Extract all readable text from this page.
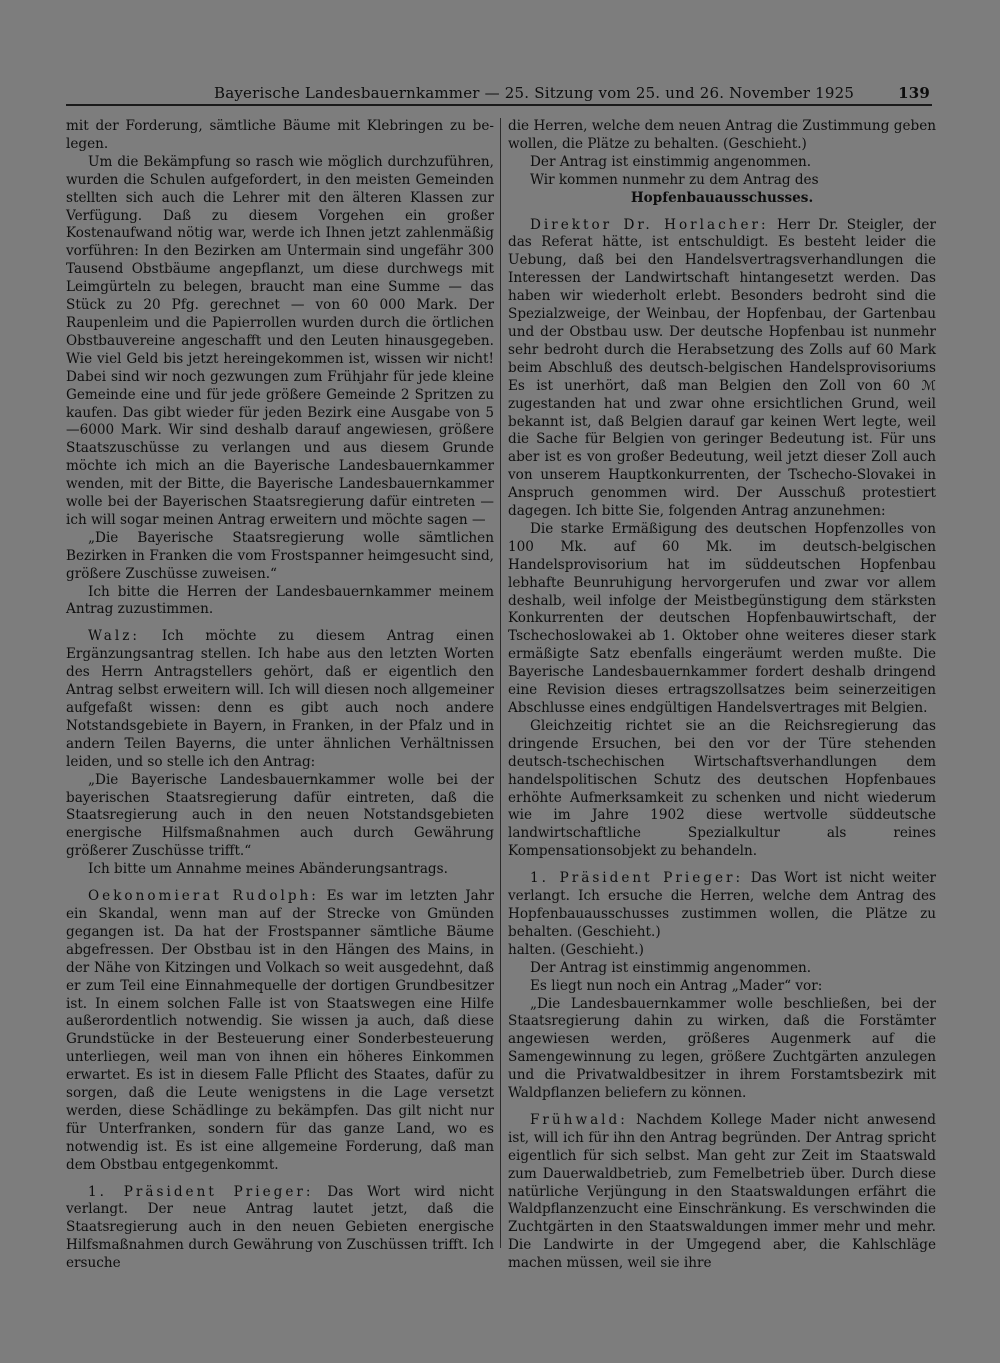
Bayerische Landesbauernkammer — 25. Sitzung vom 25. und 26. November 1925	139

mit der Forderung, sämtliche Bäume mit Klebringen zu be-legen.

Um die Bekämpfung so rasch wie möglich durchzuführen, wurden die Schulen aufgefordert, in den meisten Gemeinden stellten sich auch die Lehrer mit den älteren Klassen zur Verfügung. Daß zu diesem Vorgehen ein großer Kostenaufwand nötig war, werde ich Ihnen jetzt zahlenmäßig vorführen: In den Bezirken am Untermain sind ungefähr 300 Tausend Obstbäume angepflanzt, um diese durchwegs mit Leimgürteln zu belegen, braucht man eine Summe — das Stück zu 20 Pfg. gerechnet — von 60 000 Mark. Der Raupenleim und die Papierrollen wurden durch die örtlichen Obstbauvereine angeschafft und den Leuten hinausgegeben. Wie viel Geld bis jetzt hereingekommen ist, wissen wir nicht! Dabei sind wir noch gezwungen zum Frühjahr für jede kleine Gemeinde eine und für jede größere Gemeinde 2 Spritzen zu kaufen. Das gibt wieder für jeden Bezirk eine Ausgabe von 5—6000 Mark. Wir sind deshalb darauf angewiesen, größere Staatszuschüsse zu verlangen und aus diesem Grunde möchte ich mich an die Bayerische Landesbauernkammer wenden, mit der Bitte, die Bayerische Landesbauernkammer wolle bei der Bayerischen Staatsregierung dafür eintreten — ich will sogar meinen Antrag erweitern und möchte sagen —

„Die Bayerische Staatsregierung wolle sämtlichen Bezirken in Franken die vom Frostspanner heimgesucht sind, größere Zuschüsse zuweisen.“

Ich bitte die Herren der Landesbauernkammer meinem Antrag zuzustimmen.

Walz: Ich möchte zu diesem Antrag einen Ergänzungsantrag stellen. Ich habe aus den letzten Worten des Herrn Antragstellers gehört, daß er eigentlich den Antrag selbst erweitern will. Ich will diesen noch allgemeiner aufgefaßt wissen: denn es gibt auch noch andere Notstandsgebiete in Bayern, in Franken, in der Pfalz und in andern Teilen Bayerns, die unter ähnlichen Verhältnissen leiden, und so stelle ich den Antrag:

„Die Bayerische Landesbauernkammer wolle bei der bayerischen Staatsregierung dafür eintreten, daß die Staatsregierung auch in den neuen Notstandsgebieten energische Hilfsmaßnahmen auch durch Gewährung größerer Zuschüsse trifft.“

Ich bitte um Annahme meines Abänderungsantrags.

Oekonomierat Rudolph: Es war im letzten Jahr ein Skandal, wenn man auf der Strecke von Gmünden gegangen ist. Da hat der Frostspanner sämtliche Bäume abgefressen. Der Obstbau ist in den Hängen des Mains, in der Nähe von Kitzingen und Volkach so weit ausgedehnt, daß er zum Teil eine Einnahmequelle der dortigen Grundbesitzer ist. In einem solchen Falle ist von Staatswegen eine Hilfe außerordentlich notwendig. Sie wissen ja auch, daß diese Grundstücke in der Besteuerung einer Sonderbesteuerung unterliegen, weil man von ihnen ein höheres Einkommen erwartet. Es ist in diesem Falle Pflicht des Staates, dafür zu sorgen, daß die Leute wenigstens in die Lage versetzt werden, diese Schädlinge zu bekämpfen. Das gilt nicht nur für Unterfranken, sondern für das ganze Land, wo es notwendig ist. Es ist eine allgemeine Forderung, daß man dem Obstbau entgegenkommt.

1. Präsident Prieger: Das Wort wird nicht verlangt. Der neue Antrag lautet jetzt, daß die Staatsregierung auch in den neuen Gebieten energische Hilfsmaßnahmen durch Gewährung von Zuschüssen trifft. Ich ersuche

die Herren, welche dem neuen Antrag die Zustimmung geben wollen, die Plätze zu behalten. (Geschieht.)

Der Antrag ist einstimmig angenommen.

Wir kommen nunmehr zu dem Antrag des

Hopfenbauausschusses.

Direktor Dr. Horlacher: Herr Dr. Steigler, der das Referat hätte, ist entschuldigt. Es besteht leider die Uebung, daß bei den Handelsvertragsverhandlungen die Interessen der Landwirtschaft hintangesetzt werden. Das haben wir wiederholt erlebt. Besonders bedroht sind die Spezialzweige, der Weinbau, der Hopfenbau, der Gartenbau und der Obstbau usw. Der deutsche Hopfenbau ist nunmehr sehr bedroht durch die Herabsetzung des Zolls auf 60 Mark beim Abschluß des deutsch-belgischen Handelsprovisoriums Es ist unerhört, daß man Belgien den Zoll von 60 ℳ zugestanden hat und zwar ohne ersichtlichen Grund, weil bekannt ist, daß Belgien darauf gar keinen Wert legte, weil die Sache für Belgien von geringer Bedeutung ist. Für uns aber ist es von großer Bedeutung, weil jetzt dieser Zoll auch von unserem Hauptkonkurrenten, der Tschecho-Slovakei in Anspruch genommen wird. Der Ausschuß protestiert dagegen. Ich bitte Sie, folgenden Antrag anzunehmen:

Die starke Ermäßigung des deutschen Hopfenzolles von 100 Mk. auf 60 Mk. im deutsch-belgischen Handelsprovisorium hat im süddeutschen Hopfenbau lebhafte Beunruhigung hervorgerufen und zwar vor allem deshalb, weil infolge der Meistbegünstigung dem stärksten Konkurrenten der deutschen Hopfenbauwirtschaft, der Tschechoslowakei ab 1. Oktober ohne weiteres dieser stark ermäßigte Satz ebenfalls eingeräumt werden mußte. Die Bayerische Landesbauernkammer fordert deshalb dringend eine Revision dieses ertragszollsatzes beim seinerzeitigen Abschlusse eines endgültigen Handelsvertrages mit Belgien.

Gleichzeitig richtet sie an die Reichsregierung das dringende Ersuchen, bei den vor der Türe stehenden deutsch-tschechischen Wirtschaftsverhandlungen dem handelspolitischen Schutz des deutschen Hopfenbaues erhöhte Aufmerksamkeit zu schenken und nicht wiederum wie im Jahre 1902 diese wertvolle süddeutsche landwirtschaftliche Spezialkultur als reines Kompensationsobjekt zu behandeln.

1. Präsident Prieger: Das Wort ist nicht weiter verlangt. Ich ersuche die Herren, welche dem Antrag des Hopfenbauausschusses zustimmen wollen, die Plätze zu behalten. (Geschieht.)

halten. (Geschieht.)

Der Antrag ist einstimmig angenommen.

Es liegt nun noch ein Antrag „Mader“ vor:

„Die Landesbauernkammer wolle beschließen, bei der Staatsregierung dahin zu wirken, daß die Forstämter angewiesen werden, größeres Augenmerk auf die Samengewinnung zu legen, größere Zuchtgärten anzulegen und die Privatwaldbesitzer in ihrem Forstamtsbezirk mit Waldpflanzen beliefern zu können.

Frühwald: Nachdem Kollege Mader nicht anwesend ist, will ich für ihn den Antrag begründen. Der Antrag spricht eigentlich für sich selbst. Man geht zur Zeit im Staatswald zum Dauerwaldbetrieb, zum Femelbetrieb über. Durch diese natürliche Verjüngung in den Staatswaldungen erfährt die Waldpflanzenzucht eine Einschränkung. Es verschwinden die Zuchtgärten in den Staatswaldungen immer mehr und mehr. Die Landwirte in der Umgegend aber, die Kahlschläge machen müssen, weil sie ihre
